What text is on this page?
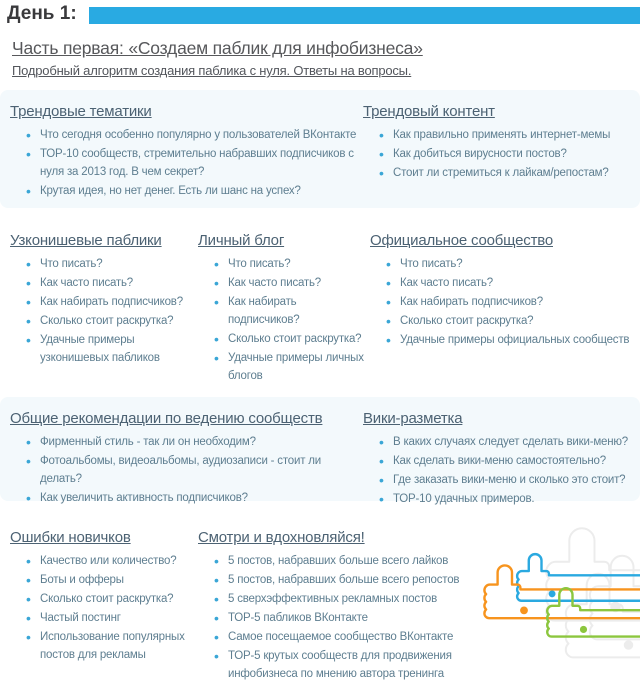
День 1:
Часть первая: «Создаем паблик для инфобизнеса»
Подробный алгоритм создания паблика с нуля. Ответы на вопросы.
Трендовые тематики
• Что сегодня особенно популярно у пользователей ВКонтакте
• ТОР-10 сообществ, стремительно набравших подписчиков с нуля за 2013 год. В чем секрет?
• Крутая идея, но нет денег. Есть ли шанс на успех?
Трендовый контент
• Как правильно применять интернет-мемы
• Как добиться вирусности постов?
• Стоит ли стремиться к лайкам/репостам?
Узконишевые паблики
• Что писать?
• Как часто писать?
• Как набирать подписчиков?
• Сколько стоит раскрутка?
• Удачные примеры узконишевых пабликов
Личный блог
• Что писать?
• Как часто писать?
• Как набирать подписчиков?
• Сколько стоит раскрутка?
• Удачные примеры личных блогов
Официальное сообщество
• Что писать?
• Как часто писать?
• Как набирать подписчиков?
• Сколько стоит раскрутка?
• Удачные примеры официальных сообществ
Общие рекомендации по ведению сообществ
• Фирменный стиль - так ли он необходим?
• Фотоальбомы, видеоальбомы, аудиозаписи - стоит ли делать?
• Как увеличить активность подписчиков?
Вики-разметка
• В каких случаях следует сделать вики-меню?
• Как сделать вики-меню самостоятельно?
• Где заказать вики-меню и сколько это стоит?
• ТОР-10 удачных примеров.
Ошибки новичков
• Качество или количество?
• Боты и офферы
• Сколько стоит раскрутка?
• Частый постинг
• Использование популярных постов для рекламы
Смотри и вдохновляйся!
• 5 постов, набравших больше всего лайков
• 5 постов, набравших больше всего репостов
• 5 сверхэффективных рекламных постов
• ТОР-5 пабликов ВКонтакте
• Самое посещаемое сообщество ВКонтакте
• ТОР-5 крутых сообществ для продвижения инфобизнеса по мнению автора тренинга
